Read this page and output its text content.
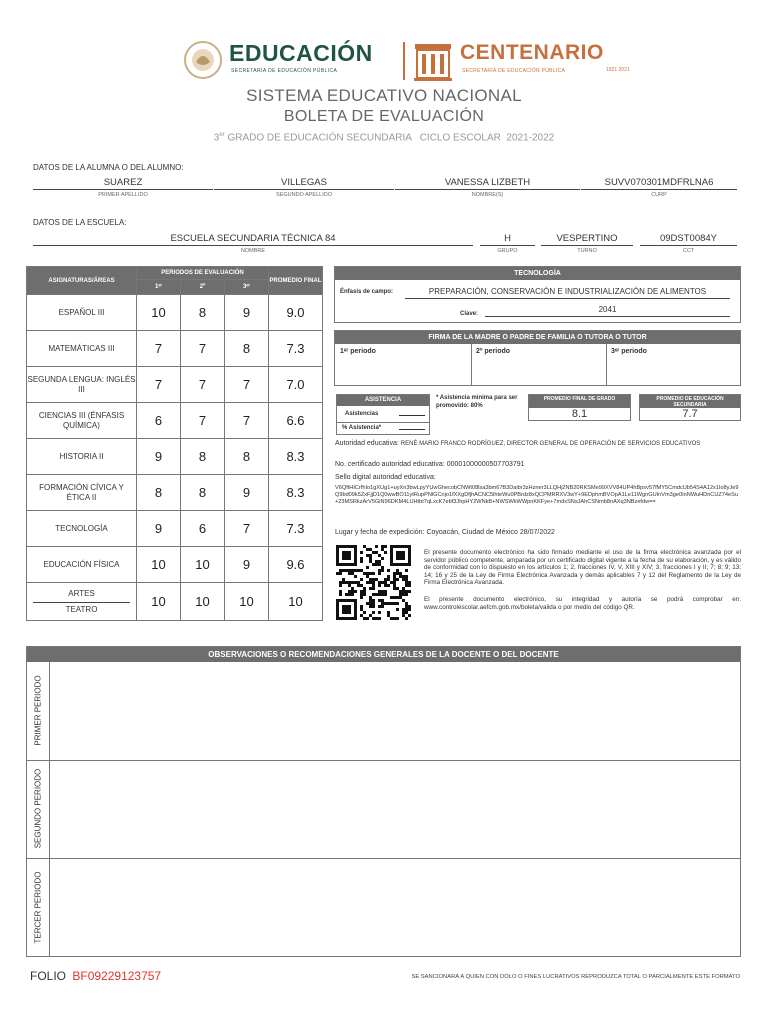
EDUCACIÓN
SECRETARÍA DE EDUCACIÓN PÚBLICA
CENTENARIO
SECRETARÍA DE EDUCACIÓN PÚBLICA	1921 2021
SISTEMA EDUCATIVO NACIONAL
BOLETA DE EVALUACIÓN
3er GRADO DE EDUCACIÓN SECUNDARIA   CICLO ESCOLAR  2021-2022
DATOS DE LA ALUMNA O DEL ALUMNO:
SUAREZ	VILLEGAS	VANESSA LIZBETH	SUVV070301MDFRLNA6
PRIMER APELLIDO	SEGUNDO APELLIDO	NOMBRE(S)	CURP
DATOS DE LA ESCUELA:
ESCUELA SECUNDARIA TÉCNICA 84	H	VESPERTINO	09DST0084Y
NOMBRE	GRUPO	TURNO	CCT
ASIGNATURAS/ÁREAS	PERIODOS DE EVALUACIÓN			PROMEDIO FINAL
	1ᵉʳ	2º	3ᵉʳ	
ESPAÑOL III	10	8	9	9.0
MATEMÁTICAS III	7	7	8	7.3
SEGUNDA LENGUA: INGLÉS III	7	7	7	7.0
CIENCIAS III (ÉNFASIS QUÍMICA)	6	7	7	6.6
HISTORIA II	9	8	8	8.3
FORMACIÓN CÍVICA Y ÉTICA II	8	8	9	8.3
TECNOLOGÍA	9	6	7	7.3
EDUCACIÓN FÍSICA	10	10	9	9.6

ARTES
TEATRO	10	10	10	10
TECNOLOGÍA
Énfasis de campo:	PREPARACIÓN, CONSERVACIÓN E INDUSTRIALIZACIÓN DE ALIMENTOS
Clave:	2041
FIRMA DE LA MADRE O PADRE DE FAMILIA O TUTORA O TUTOR
1ᵉʳ periodo	2º periodo	3ᵉʳ periodo
ASISTENCIA
Asistencias
% Asistencia*
* Asistencia mínima para ser promovido: 80%
PROMEDIO FINAL DE GRADO
8.1
PROMEDIO DE EDUCACIÓN SECUNDARIA
7.7
Autoridad educativa: RENÉ MARIO FRANCO RODRÍGUEZ, DIRECTOR GENERAL DE OPERACIÓN DE SERVICIOS EDUCATIVOS
No. certificado autoridad educativa: 00001000000507703791
Sello digital autoridad educativa:
V6QftHICrfhIo1gXUg1+uyXn3bwLpyYUwGhecobCNWt08lsa3bm67B3Daibr3zHzner3LLQHj2NB20RKSMe99XVV84UP4hBpsv57fMY5CmdcUb54S4A12x1Io8yJe9Q9bd09k5ZxFjjD1Q0wwBO11ytRupPNlGCnjo1fXXgDfjhACNC5lhteWu0PBrdz8xQCPMRRXV3wY+9EDphmBVOpA1Le11WgnGUInVm3ge0InNWuHDnCUZ74eSu+23MSRkzArV5GiN96DKM4LUHtbt7qLxcK7ebf3JhpHY2WNkB+NWSWkWWpnKKFye+7mdxSNsJAhCSNmb8nAXq3NBzefdw==
Lugar y fecha de expedición: Coyoacán, Ciudad de México 28/07/2022
El presente documento electrónico ha sido firmado mediante el uso de la firma electrónica avanzada por el servidor público competente, amparada por un certificado digital vigente a la fecha de su elaboración, y es válido de conformidad con lo dispuesto en los artículos 1; 2, fracciones IV, V, XIII y XIV; 3, fracciones I y II; 7; 8; 9; 13; 14; 16 y 25 de la Ley de Firma Electrónica Avanzada y demás aplicables 7 y 12 del Reglamento de la Ley de Firma Electrónica Avanzada.
El presente documento electrónico, su integridad y autoría se podrá comprobar en: www.controlescolar.aefcm.gob.mx/boleta/valida o por medio del código QR.
OBSERVACIONES O RECOMENDACIONES GENERALES DE LA DOCENTE O DEL DOCENTE
PRIMER PERIODO
SEGUNDO PERIODO
TERCER PERIODO
FOLIO BF09229123757	SE SANCIONARÁ A QUIEN CON DOLO O FINES LUCRATIVOS REPRODUZCA TOTAL O PARCIALMENTE ESTE FORMATO
